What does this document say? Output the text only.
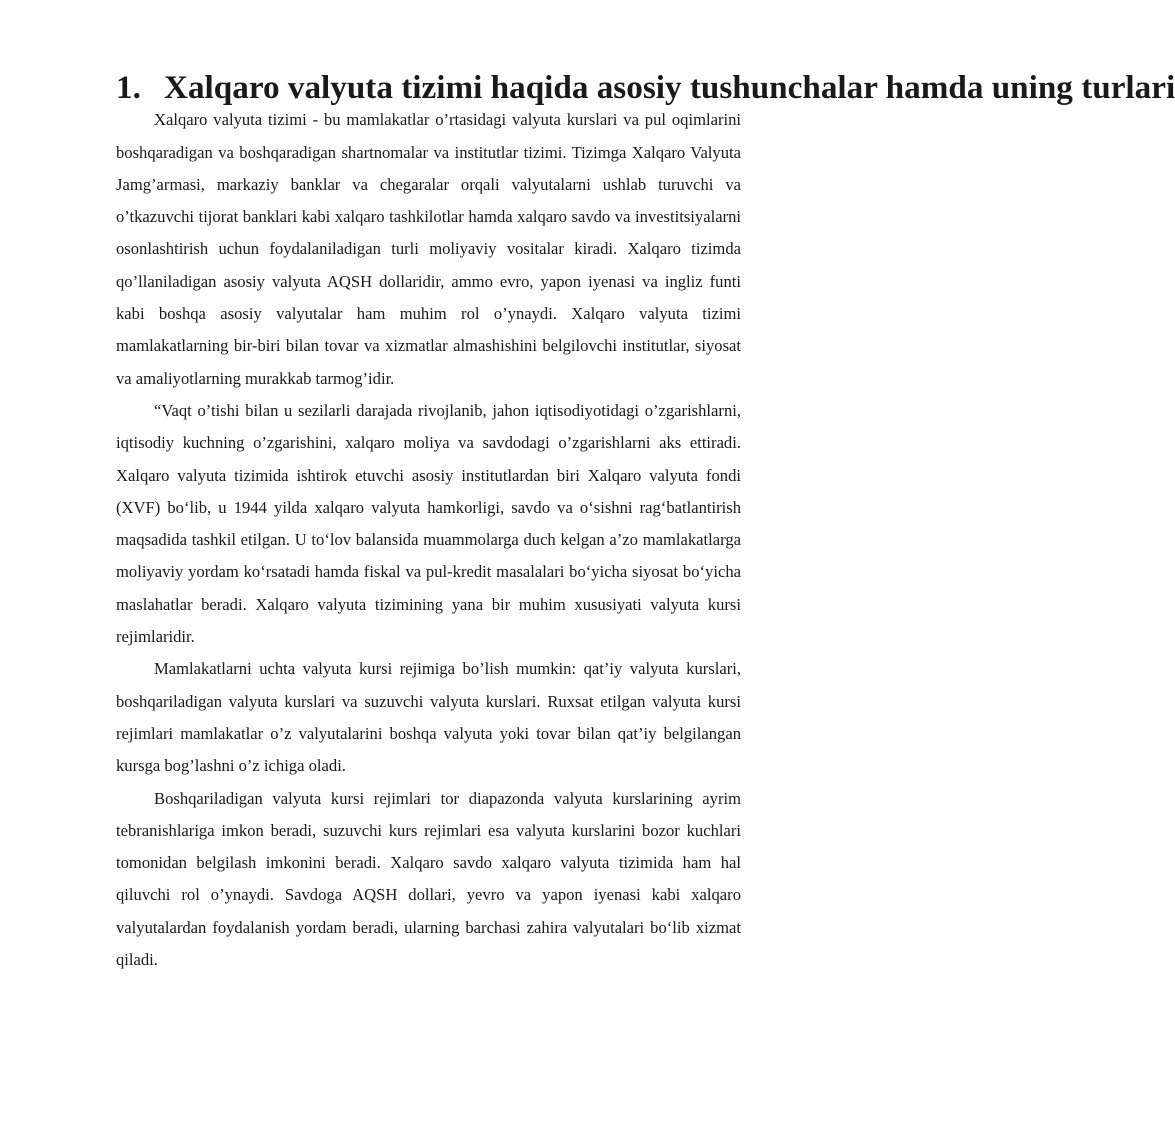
1. Xalqaro valyuta tizimi haqida asosiy tushunchalar hamda uning turlari

Xalqaro valyuta tizimi - bu mamlakatlar o’rtasidagi valyuta kurslari va pul oqimlarini boshqaradigan va boshqaradigan shartnomalar va institutlar tizimi. Tizimga Xalqaro Valyuta Jamg’armasi, markaziy banklar va chegaralar orqali valyutalarni ushlab turuvchi va o’tkazuvchi tijorat banklari kabi xalqaro tashkilotlar hamda xalqaro savdo va investitsiyalarni osonlashtirish uchun foydalaniladigan turli moliyaviy vositalar kiradi. Xalqaro tizimda qo’llaniladigan asosiy valyuta AQSH dollaridir, ammo evro, yapon iyenasi va ingliz funti kabi boshqa asosiy valyutalar ham muhim rol o’ynaydi. Xalqaro valyuta tizimi mamlakatlarning bir-biri bilan tovar va xizmatlar almashishini belgilovchi institutlar, siyosat va amaliyotlarning murakkab tarmog’idir.

“Vaqt o’tishi bilan u sezilarli darajada rivojlanib, jahon iqtisodiyotidagi o’zgarishlarni, iqtisodiy kuchning o’zgarishini, xalqaro moliya va savdodagi o’zgarishlarni aks ettiradi. Xalqaro valyuta tizimida ishtirok etuvchi asosiy institutlardan biri Xalqaro valyuta fondi (XVF) bo‘lib, u 1944 yilda xalqaro valyuta hamkorligi, savdo va o‘sishni rag‘batlantirish maqsadida tashkil etilgan. U to‘lov balansida muammolarga duch kelgan a’zo mamlakatlarga moliyaviy yordam ko‘rsatadi hamda fiskal va pul-kredit masalalari bo‘yicha siyosat bo‘yicha maslahatlar beradi. Xalqaro valyuta tizimining yana bir muhim xususiyati valyuta kursi rejimlaridir.

Mamlakatlarni uchta valyuta kursi rejimiga bo’lish mumkin: qat’iy valyuta kurslari, boshqariladigan valyuta kurslari va suzuvchi valyuta kurslari. Ruxsat etilgan valyuta kursi rejimlari mamlakatlar o’z valyutalarini boshqa valyuta yoki tovar bilan qat’iy belgilangan kursga bog’lashni o’z ichiga oladi.

Boshqariladigan valyuta kursi rejimlari tor diapazonda valyuta kurslarining ayrim tebranishlariga imkon beradi, suzuvchi kurs rejimlari esa valyuta kurslarini bozor kuchlari tomonidan belgilash imkonini beradi. Xalqaro savdo xalqaro valyuta tizimida ham hal qiluvchi rol o’ynaydi. Savdoga AQSH dollari, yevro va yapon iyenasi kabi xalqaro valyutalardan foydalanish yordam beradi, ularning barchasi zahira valyutalari bo‘lib xizmat qiladi.
